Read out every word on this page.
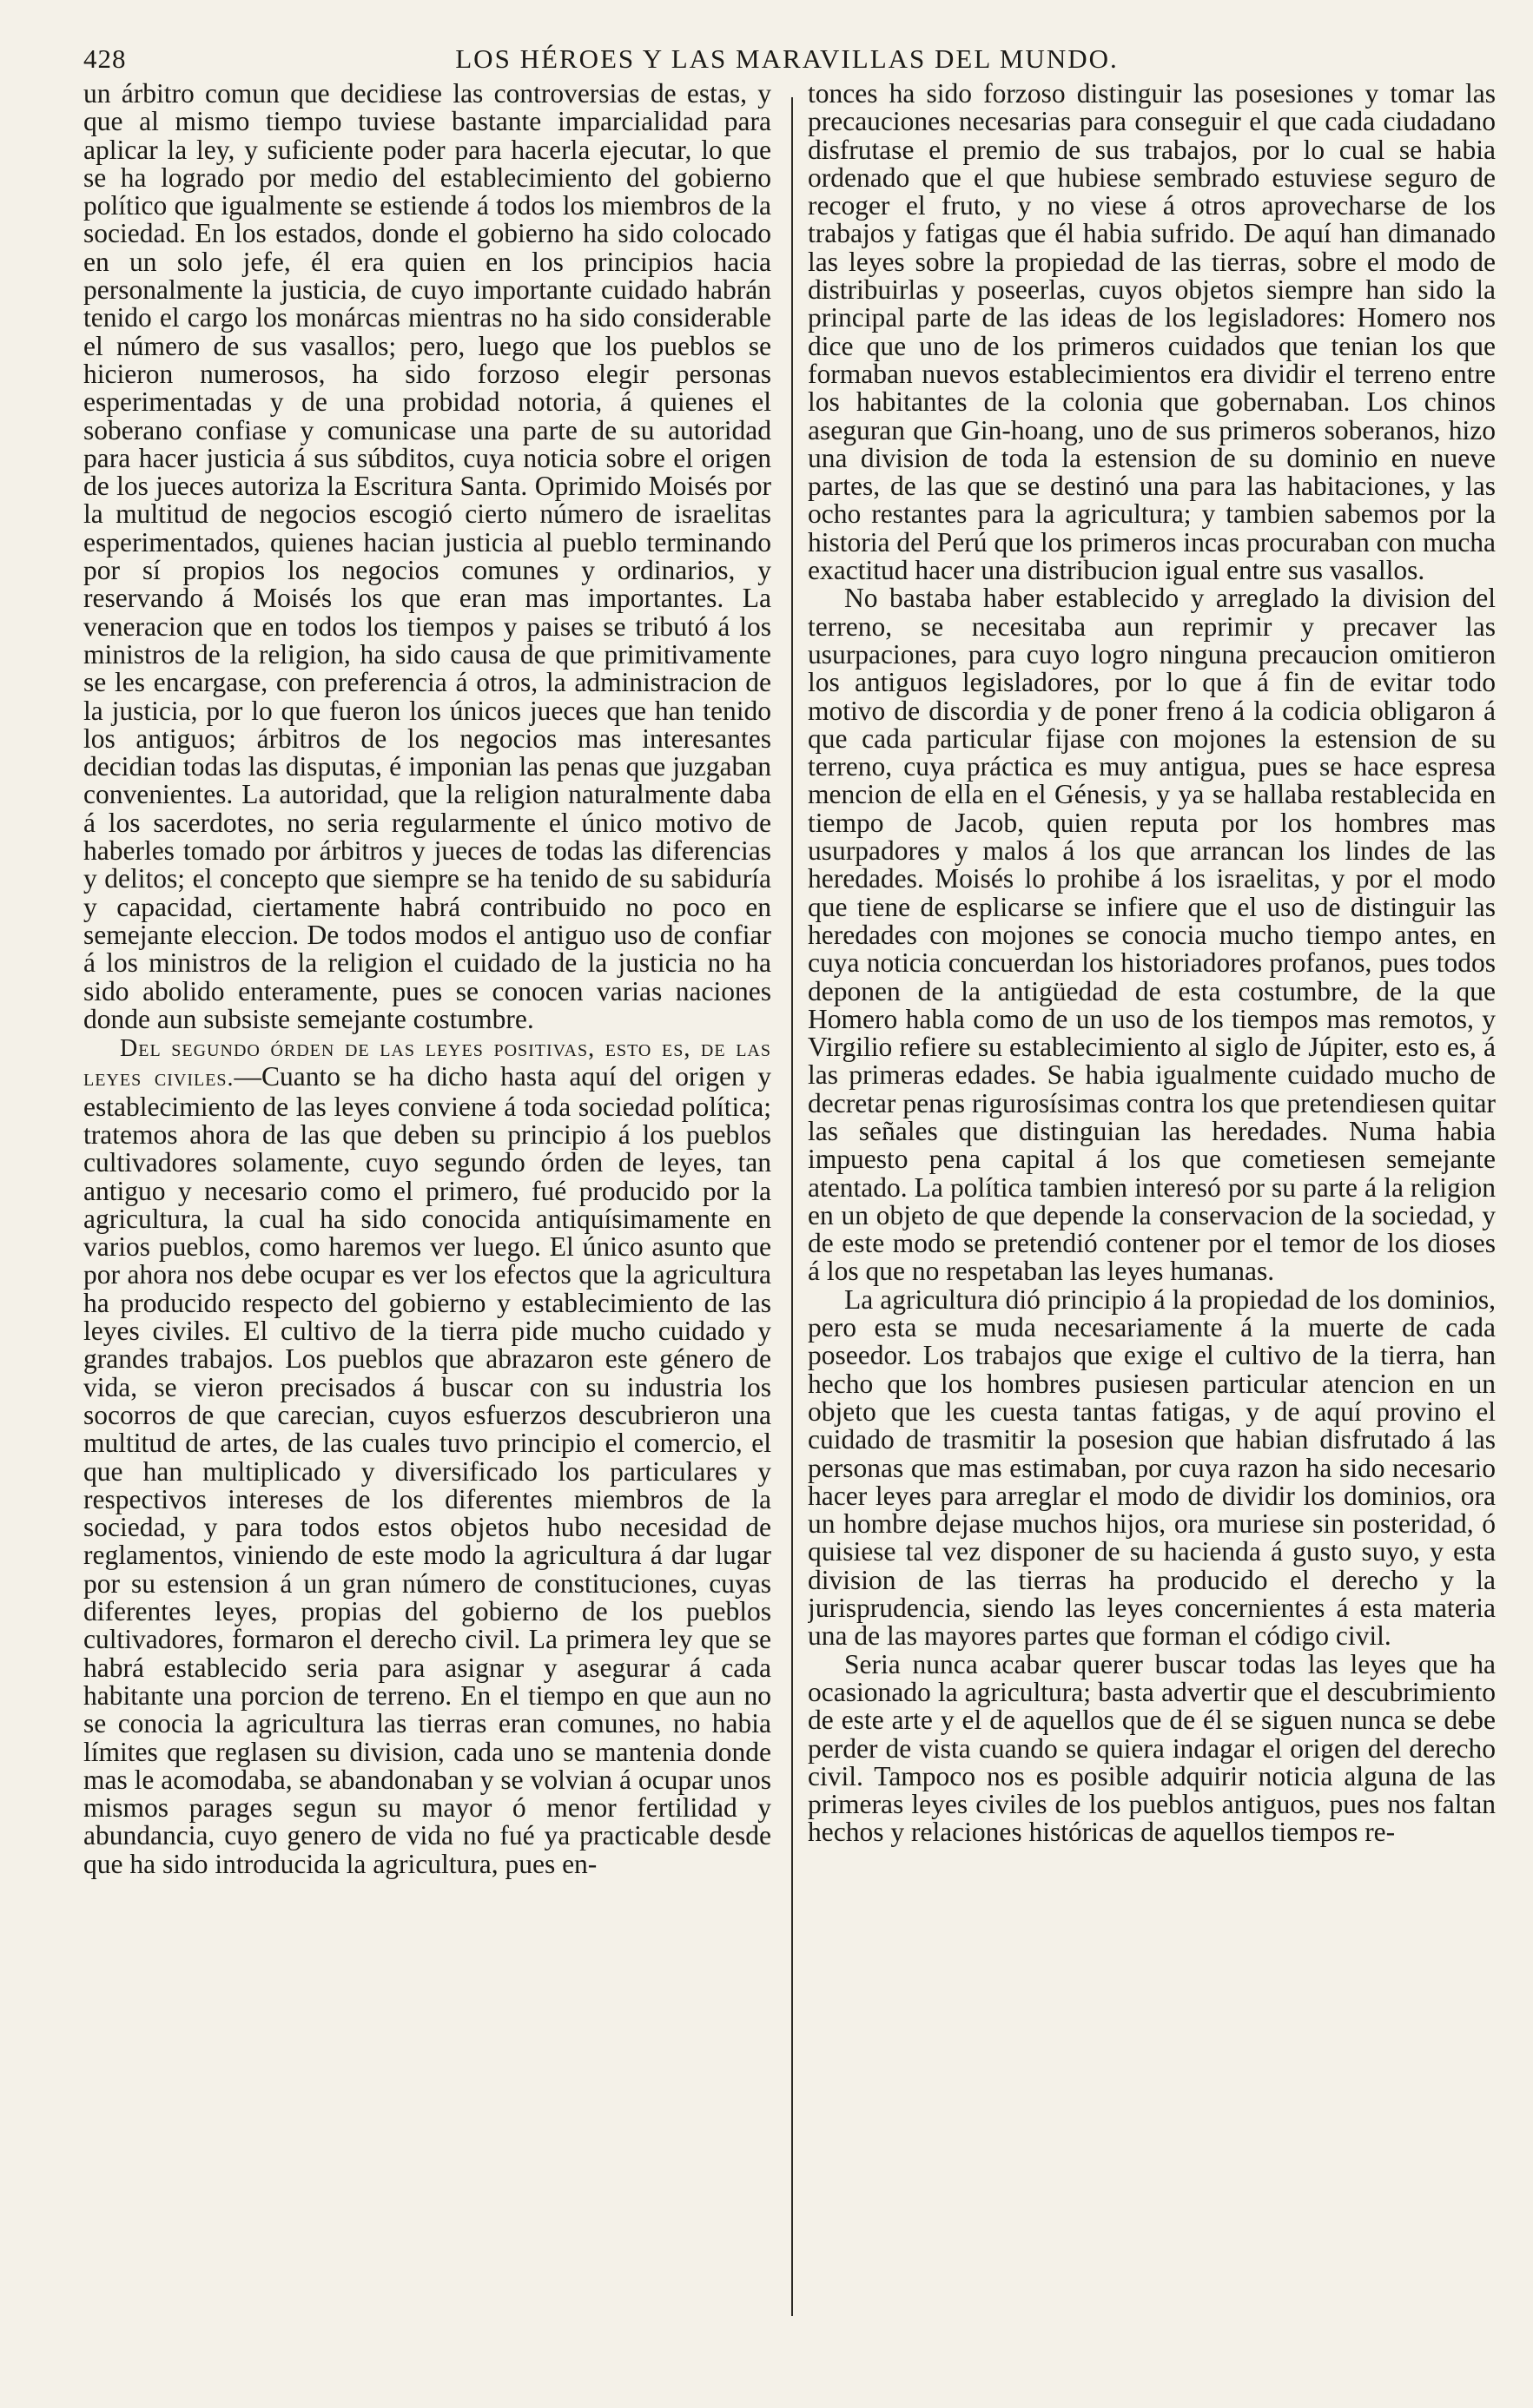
428	LOS HÉROES Y LAS MARAVILLAS DEL MUNDO.

un árbitro comun que decidiese las controversias de estas, y que al mismo tiempo tuviese bastante imparcialidad para aplicar la ley, y suficiente poder para hacerla ejecutar, lo que se ha logrado por medio del establecimiento del gobierno político que igualmente se estiende á todos los miembros de la sociedad. En los estados, donde el gobierno ha sido colocado en un solo jefe, él era quien en los principios hacia personalmente la justicia, de cuyo importante cuidado habrán tenido el cargo los monárcas mientras no ha sido considerable el número de sus vasallos; pero, luego que los pueblos se hicieron numerosos, ha sido forzoso elegir personas esperimentadas y de una probidad notoria, á quienes el soberano confiase y comunicase una parte de su autoridad para hacer justicia á sus súbditos, cuya noticia sobre el origen de los jueces autoriza la Escritura Santa. Oprimido Moisés por la multitud de negocios escogió cierto número de israelitas esperimentados, quienes hacian justicia al pueblo terminando por sí propios los negocios comunes y ordinarios, y reservando á Moisés los que eran mas importantes. La veneracion que en todos los tiempos y paises se tributó á los ministros de la religion, ha sido causa de que primitivamente se les encargase, con preferencia á otros, la administracion de la justicia, por lo que fueron los únicos jueces que han tenido los antiguos; árbitros de los negocios mas interesantes decidian todas las disputas, é imponian las penas que juzgaban convenientes. La autoridad, que la religion naturalmente daba á los sacerdotes, no seria regularmente el único motivo de haberles tomado por árbitros y jueces de todas las diferencias y delitos; el concepto que siempre se ha tenido de su sabiduría y capacidad, ciertamente habrá contribuido no poco en semejante eleccion. De todos modos el antiguo uso de confiar á los ministros de la religion el cuidado de la justicia no ha sido abolido enteramente, pues se conocen varias naciones donde aun subsiste semejante costumbre.

Del segundo órden de las leyes positivas, esto es, de las leyes civiles.—Cuanto se ha dicho hasta aquí del origen y establecimiento de las leyes conviene á toda sociedad política; tratemos ahora de las que deben su principio á los pueblos cultivadores solamente, cuyo segundo órden de leyes, tan antiguo y necesario como el primero, fué producido por la agricultura, la cual ha sido conocida antiquísimamente en varios pueblos, como haremos ver luego. El único asunto que por ahora nos debe ocupar es ver los efectos que la agricultura ha producido respecto del gobierno y establecimiento de las leyes civiles. El cultivo de la tierra pide mucho cuidado y grandes trabajos. Los pueblos que abrazaron este género de vida, se vieron precisados á buscar con su industria los socorros de que carecian, cuyos esfuerzos descubrieron una multitud de artes, de las cuales tuvo principio el comercio, el que han multiplicado y diversificado los particulares y respectivos intereses de los diferentes miembros de la sociedad, y para todos estos objetos hubo necesidad de reglamentos, viniendo de este modo la agricultura á dar lugar por su estension á un gran número de constituciones, cuyas diferentes leyes, propias del gobierno de los pueblos cultivadores, formaron el derecho civil. La primera ley que se habrá establecido seria para asignar y asegurar á cada habitante una porcion de terreno. En el tiempo en que aun no se conocia la agricultura las tierras eran comunes, no habia límites que reglasen su division, cada uno se mantenia donde mas le acomodaba, se abandonaban y se volvian á ocupar unos mismos parages segun su mayor ó menor fertilidad y abundancia, cuyo genero de vida no fué ya practicable desde que ha sido introducida la agricultura, pues en-

tonces ha sido forzoso distinguir las posesiones y tomar las precauciones necesarias para conseguir el que cada ciudadano disfrutase el premio de sus trabajos, por lo cual se habia ordenado que el que hubiese sembrado estuviese seguro de recoger el fruto, y no viese á otros aprovecharse de los trabajos y fatigas que él habia sufrido. De aquí han dimanado las leyes sobre la propiedad de las tierras, sobre el modo de distribuirlas y poseerlas, cuyos objetos siempre han sido la principal parte de las ideas de los legisladores: Homero nos dice que uno de los primeros cuidados que tenian los que formaban nuevos establecimientos era dividir el terreno entre los habitantes de la colonia que gobernaban. Los chinos aseguran que Gin-hoang, uno de sus primeros soberanos, hizo una division de toda la estension de su dominio en nueve partes, de las que se destinó una para las habitaciones, y las ocho restantes para la agricultura; y tambien sabemos por la historia del Perú que los primeros incas procuraban con mucha exactitud hacer una distribucion igual entre sus vasallos.

No bastaba haber establecido y arreglado la division del terreno, se necesitaba aun reprimir y precaver las usurpaciones, para cuyo logro ninguna precaucion omitieron los antiguos legisladores, por lo que á fin de evitar todo motivo de discordia y de poner freno á la codicia obligaron á que cada particular fijase con mojones la estension de su terreno, cuya práctica es muy antigua, pues se hace espresa mencion de ella en el Génesis, y ya se hallaba restablecida en tiempo de Jacob, quien reputa por los hombres mas usurpadores y malos á los que arrancan los lindes de las heredades. Moisés lo prohibe á los israelitas, y por el modo que tiene de esplicarse se infiere que el uso de distinguir las heredades con mojones se conocia mucho tiempo antes, en cuya noticia concuerdan los historiadores profanos, pues todos deponen de la antigüedad de esta costumbre, de la que Homero habla como de un uso de los tiempos mas remotos, y Virgilio refiere su establecimiento al siglo de Júpiter, esto es, á las primeras edades. Se habia igualmente cuidado mucho de decretar penas rigurosísimas contra los que pretendiesen quitar las señales que distinguian las heredades. Numa habia impuesto pena capital á los que cometiesen semejante atentado. La política tambien interesó por su parte á la religion en un objeto de que depende la conservacion de la sociedad, y de este modo se pretendió contener por el temor de los dioses á los que no respetaban las leyes humanas.

La agricultura dió principio á la propiedad de los dominios, pero esta se muda necesariamente á la muerte de cada poseedor. Los trabajos que exige el cultivo de la tierra, han hecho que los hombres pusiesen particular atencion en un objeto que les cuesta tantas fatigas, y de aquí provino el cuidado de trasmitir la posesion que habian disfrutado á las personas que mas estimaban, por cuya razon ha sido necesario hacer leyes para arreglar el modo de dividir los dominios, ora un hombre dejase muchos hijos, ora muriese sin posteridad, ó quisiese tal vez disponer de su hacienda á gusto suyo, y esta division de las tierras ha producido el derecho y la jurisprudencia, siendo las leyes concernientes á esta materia una de las mayores partes que forman el código civil.

Seria nunca acabar querer buscar todas las leyes que ha ocasionado la agricultura; basta advertir que el descubrimiento de este arte y el de aquellos que de él se siguen nunca se debe perder de vista cuando se quiera indagar el origen del derecho civil. Tampoco nos es posible adquirir noticia alguna de las primeras leyes civiles de los pueblos antiguos, pues nos faltan hechos y relaciones históricas de aquellos tiempos re-
